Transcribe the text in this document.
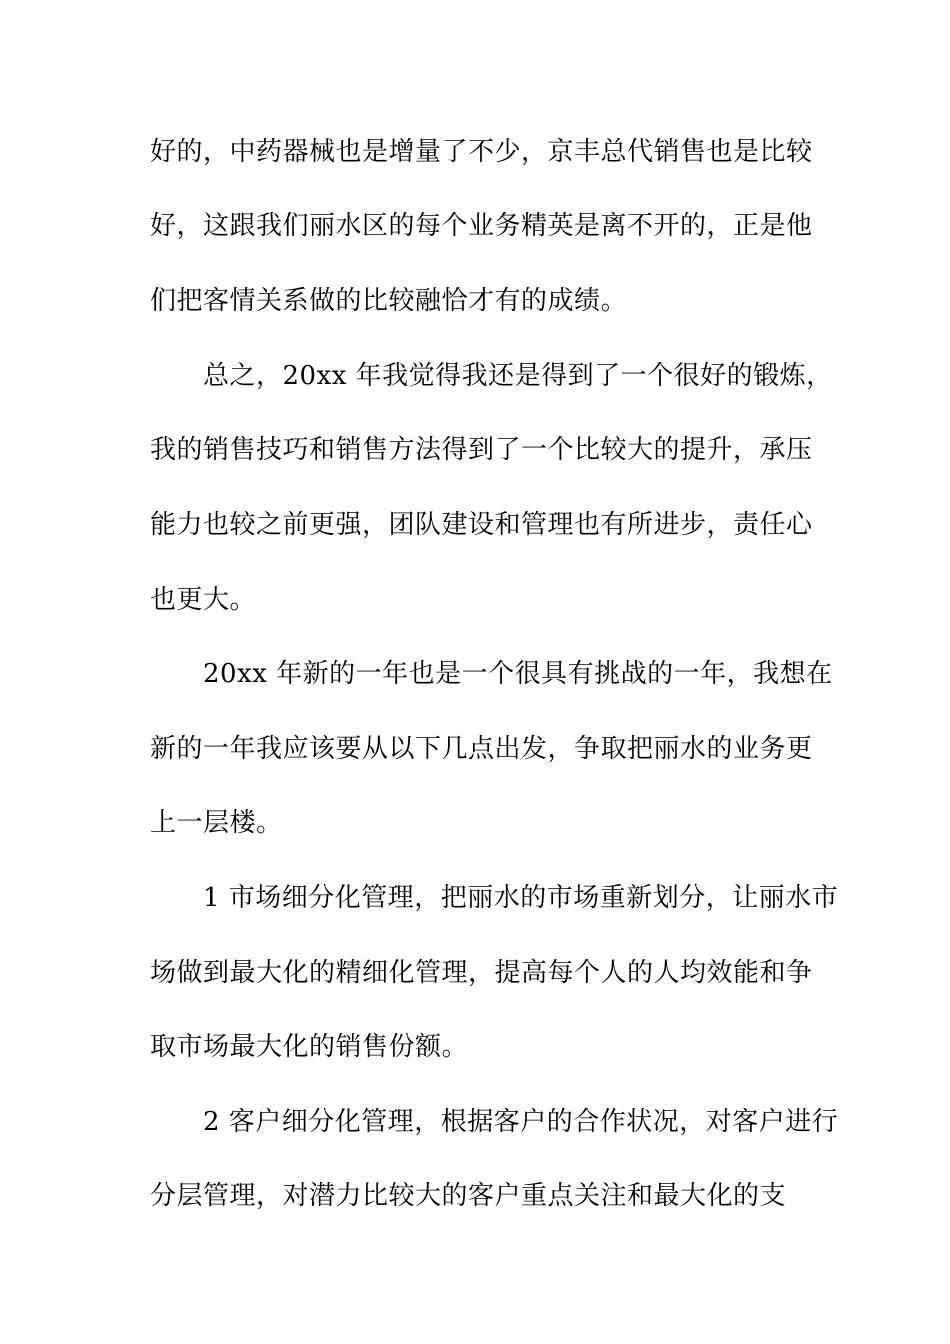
好的，中药器械也是增量了不少，京丰总代销售也是比较
好，这跟我们丽水区的每个业务精英是离不开的，正是他
们把客情关系做的比较融恰才有的成绩。
总之，20xx 年我觉得我还是得到了一个很好的锻炼，
我的销售技巧和销售方法得到了一个比较大的提升，承压
能力也较之前更强，团队建设和管理也有所进步，责任心
也更大。
20xx 年新的一年也是一个很具有挑战的一年，我想在
新的一年我应该要从以下几点出发，争取把丽水的业务更
上一层楼。
1 市场细分化管理，把丽水的市场重新划分，让丽水市
场做到最大化的精细化管理，提高每个人的人均效能和争
取市场最大化的销售份额。
2 客户细分化管理，根据客户的合作状况，对客户进行
分层管理，对潜力比较大的客户重点关注和最大化的支
